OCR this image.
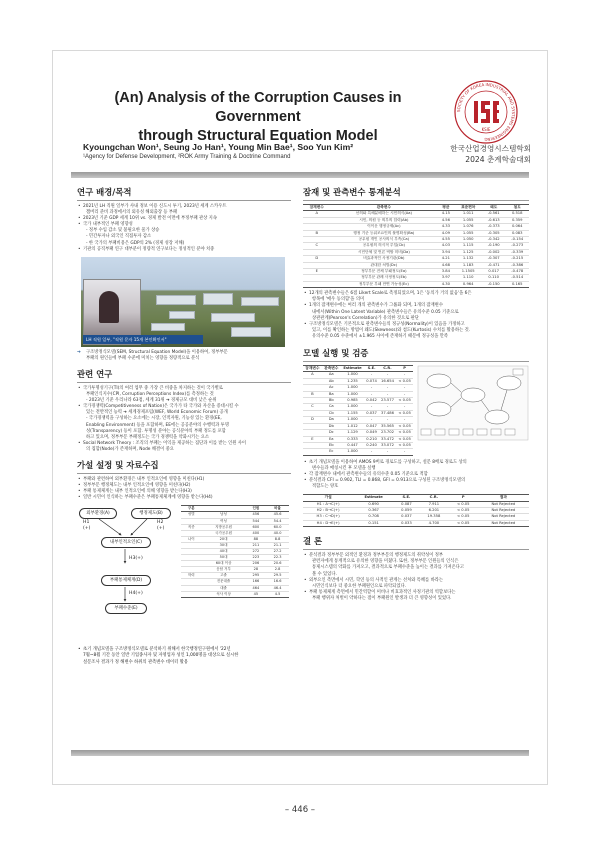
(An) Analysis of the Corruption Causes in Government
through Structural Equation Model
SOCIETY OF KOREA INDUSTRIAL AND SYSTEMS ENGINEERING
KSIE
Kyoungchan Won¹, Seung Jo Han¹, Young Min Bae¹, Soo Yun Kim²
¹Agency for Defense Development, ²ROK Army Training & Doctrine Command
한국산업경영시스템학회
2024 춘계학술대회
연구 배경/목적
• 2021년 LH 직원 일부가 사내 정보 이용 신도시 투기, 2023년 세계 스카우트
잼버리 준비 과정에서의 외유성 해외출장 등 부패
• 2023년 기준 GDP 세계 10위 vs. 경제 발전 이면에 부정부패 관상 지속
• 국가 내부적인 부패 영향성
- 정부 수입 감소 및 불필요한 물가 상승
- 민간투자나 외국인 직접투자 감소
- 한 국가의 부패비용은 GDP의 2% (경제 성장 저해)
• 기관의 공직부패 연구 대부분이 정량적 연구보다는 정성적인 분야 치중
LH 직원 일부, "직원 문자 15개 본인확인서"
➔ 구조방정식모델(SEM, Structural Equation Model)을 이용하여, 정부부문
부패의 원인들에 부패 수준에 미치는 영향을 정량적으로 분석
관련 연구
• 국가투명성기구(TI)의 여러 업무 중 가장 큰 비중을 차지하는 것이 국가별로
부패인식지수(CPI, Corruption Perceptions Index)를 측정하는 것
- 2023년 기준 우리나라 63점, 세계 31위 ➔ 경제규모 대비 낮은 순위
• 국가경쟁력(Competitiveness of Nation)은 국가가 타 국가와 자산을 증대시킬 수
있는 전반적인 능력 ➔ 세계경제포럼(WEF, World Economic Forum) 공개
- 국가경쟁력을 구성하는 요소에는 시장, 인적자원, 기능성 있는 환경(EE,
Enabling Environment) 등을 포함하며, EE에는 공공분야의 수행력과 투명
성(Transparency) 등이 포함. 투명성 분야는 공식분야의 부패 정도를 포함
하고 있으며, 정부부문 부패정도는 국가 경쟁력을 약화시키는 요소
• Social Network Theory : 조직의 부패는 이익을 제공하는 집단과 이를 받는 인원 사이
의 집합(Node)가 존재하며, Node 해결이 중요
가설 설정 및 자료수집
• 부패와 관련하여 외부환경은 내부 인적요인에 영향을 미친다(H1)
• 정부부문 행정체도는 내부 인적요인에 영향을 미친다(H2)
• 부패 통제체계는 내부 인적요인에 의해 영향을 받는다(H3)
• 일반 시민이 인식하는 부패수준은 부패통제체계에 영향을 받는다(H4)
외부환경(A)	행정제도(B)
내부인적요인(C)
부패통제체계(D)
부패수준(E)
H1
(+)
H2
(+)
H3(+)
H4(+)
구분		인원	비율
성별	남성	456	45.6
	여성	544	54.4
직종	지방공무원	600	60.0
	국가공무원	400	40.0
나이	20대	88	8.8
	30대	211	21.1
	40대	272	27.2
	50대	223	22.3
	60대 이상	206	20.6
	응답 거부	28	2.8
학력	고졸	295	29.5
	전문대졸	166	16.6
	대졸	464	46.4
	석사 이상	45	4.5
• 초기 개념모델을 구조방정식모델로 분석하기 위해서 한국행정연구원에서 '22년
7월~8월 기간 동안 일반 기업종사자 및 자영업자 성인 1,000명을 대상으로 실시한
설문조사 결과가 정 해변수 하위의 관측변수 데이터 활용
잠재 및 관측변수 통계분석
잠재변수	관측변수	평균	표준편차	왜도	첨도
A	선의와 특혜분배하는 시민의식(Aa)	4.15	1.011	-0.561	0.518
	시민, 의원 등 외부의 압력(Ab)	4.56	1.055	-0.613	0.359
	이이운 행정규제(Ac)	4.33	1.076	-0.373	0.064
B	행정 기준 등위조요인의 불명확성(Ba)	4.09	1.055	-0.305	0.083
	공무원 개인 공사의식 부족(Ca)	4.55	1.050	-0.342	-0.154
C	공무원의 의식적 투입(Cb)	4.03	1.115	-0.190	-0.273
	시민단체 및 언론 역할 미비(Da)	3.94	1.125	-0.002	-0.339
D	비효과적인 사정기관(Db)	4.21	1.132	-0.307	-0.215
	관대한 처벌(Dc)	4.68	1.183	-0.471	-0.386
E	정부부문 전체 부패정도(Ea)	3.84	1.1505	0.017	-0.478
	정부부문 관례 사정정도(Eb)	3.97	1.110	0.110	-0.514
	정부부문 부패 만연 가능성(Ec)	4.30	0.964	-0.150	0.165
• 12개의 관측변수들은 6점 Likert Scale로 측정되었으며, 1은 '동의가 거의 없음'을 6은
항목에 '매우 동의함'을 의미
• 1개의 잠재변수에는 여러 개의 관측변수가 그룹화 되며, 1개의 잠재변수
내에서(Within One Latent Variable) 관측변수들은 유의수준 0.05 기준으로
상관관계(Pearson's Correlation)가 유의한 것으로 판단
• 구조방정식모델은 기본적으로 관측변수들의 정규성(Normality)이 있음을 가정하고
있고, 이를 확인하는 방법이 왜도(Skewness)와 첨도(Kurtosis) 수치를 활용하는 것.
유의수준 0.05 수준에서 ±1.965 사이에 존재하기 때문에 정규성을 만족
모델 실행 및 검증
잠재변수	관측변수	Estimate	S.E.	C.R.	P
A	Aa	1.000	-	-	-
	Ab	1.235	0.074	16.654	< 0.05
	Ac	1.000	-	-	-
B	Ba	1.000	-	-	-
	Bb	0.985	0.042	23.577	< 0.05
C	Ca	1.000	-	-	-
	Cb	1.155	0.037	37.486	< 0.05
D	Da	1.000	-	-	-
	Db	1.012	0.047	35.565	< 0.05
	Dc	1.129	0.049	23.702	< 0.05
E	Ea	0.333	0.210	33.472	< 0.05
	Eb	0.447	0.240	33.072	< 0.05
	Ec	1.000	-	-	-
• 초기 개념모델을 이용하여 AMOS 9버로 경로도를 구성하고, 설문 8배로 경로도 상의
변수들과 매칭시킨 후 모델을 실행
• 각 잠재변수 내에서 관측변수들의 유의수준 0.05 기준으로 적합
• 분석결과 CFI = 0.902, TLI = 0.868, GFI = 0.913으로 구성된 구조방정식모델의
적합도는 양호
가설	Estimate	S.E.	C.R.	P	결과
H1 : A→C(+)	0.690	0.087	7.911	< 0.05	Not Rejected
H2 : B→C(+)	0.367	0.059	6.201	< 0.05	Not Rejected
H3 : C→D(+)	0.708	0.037	19.358	< 0.05	Not Rejected
H4 : D→E(+)	0.151	0.033	4.700	< 0.05	Not Rejected
결 론
• 분석결과 정부부문 외적인 환경과 정부부문의 행정제도의 취약성이 정부
관련자에게 통계적으로 유의한 영향을 미쳤다. 또한, 정부부문 인원들의 인식은
통제시스템의 약화를 가져오고, 결과적으로 부패수준을 높이는 결과를 가져온다고
볼 수 있었다.
• 외부요인 측면에서 시민, 학연 등의 사적인 관계는 선처와 특혜를 바라는
시민인식보다 더 중요한 부패원인으로 파악되었다.
• 부패 통제체계 측면에서 민간역할이 미비나 비효과적인 사정기관의 역할보다는
부패 행위자 처벌이 약하다는 점이 부패원인 발생과 더 큰 영향성이 있었다.
– 446 –
